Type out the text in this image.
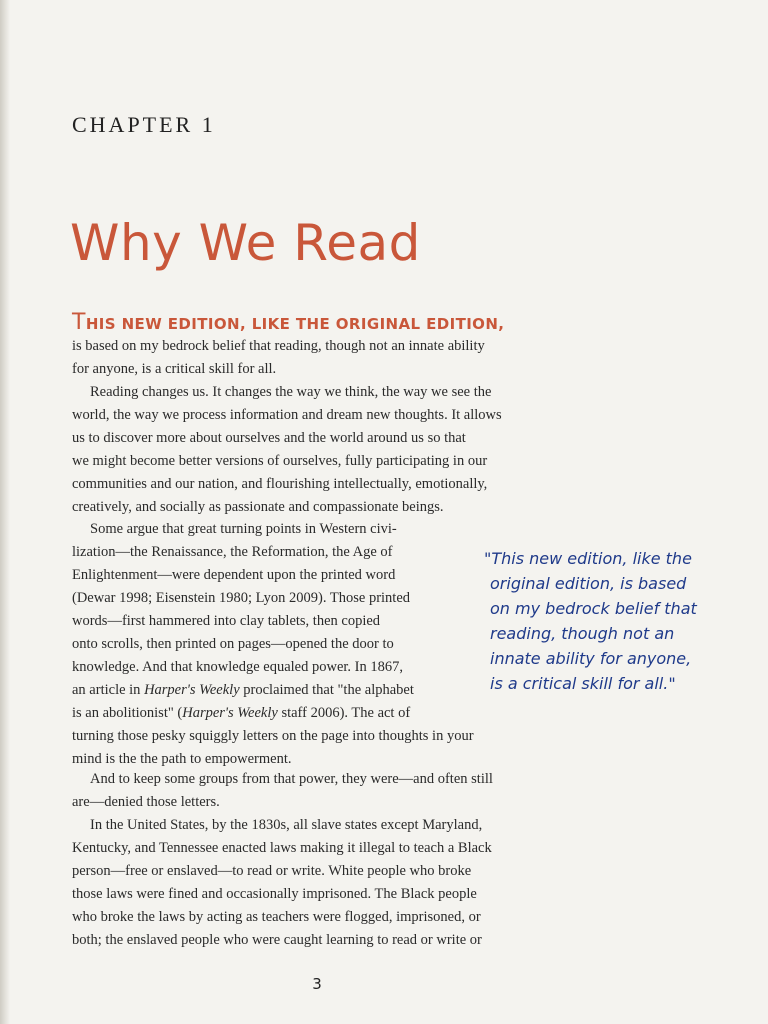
CHAPTER 1
Why We Read

THIS NEW EDITION, LIKE THE ORIGINAL EDITION,

is based on my bedrock belief that reading, though not an innate ability
for anyone, is a critical skill for all.

Reading changes us. It changes the way we think, the way we see the
world, the way we process information and dream new thoughts. It allows
us to discover more about ourselves and the world around us so that
we might become better versions of ourselves, fully participating in our
communities and our nation, and flourishing intellectually, emotionally,
creatively, and socially as passionate and compassionate beings.

Some argue that great turning points in Western civi-
lization—the Renaissance, the Reformation, the Age of
Enlightenment—were dependent upon the printed word
(Dewar 1998; Eisenstein 1980; Lyon 2009). Those printed
words—first hammered into clay tablets, then copied
onto scrolls, then printed on pages—opened the door to
knowledge. And that knowledge equaled power. In 1867,
an article in Harper's Weekly proclaimed that "the alphabet
is an abolitionist" (Harper's Weekly staff 2006). The act of
turning those pesky squiggly letters on the page into thoughts in your
mind is the the path to empowerment.

And to keep some groups from that power, they were—and often still
are—denied those letters.

In the United States, by the 1830s, all slave states except Maryland,
Kentucky, and Tennessee enacted laws making it illegal to teach a Black
person—free or enslaved—to read or write. White people who broke
those laws were fined and occasionally imprisoned. The Black people
who broke the laws by acting as teachers were flogged, imprisoned, or
both; the enslaved people who were caught learning to read or write or

"This new edition, like the
original edition, is based
on my bedrock belief that
reading, though not an
innate ability for anyone,
is a critical skill for all."

3
